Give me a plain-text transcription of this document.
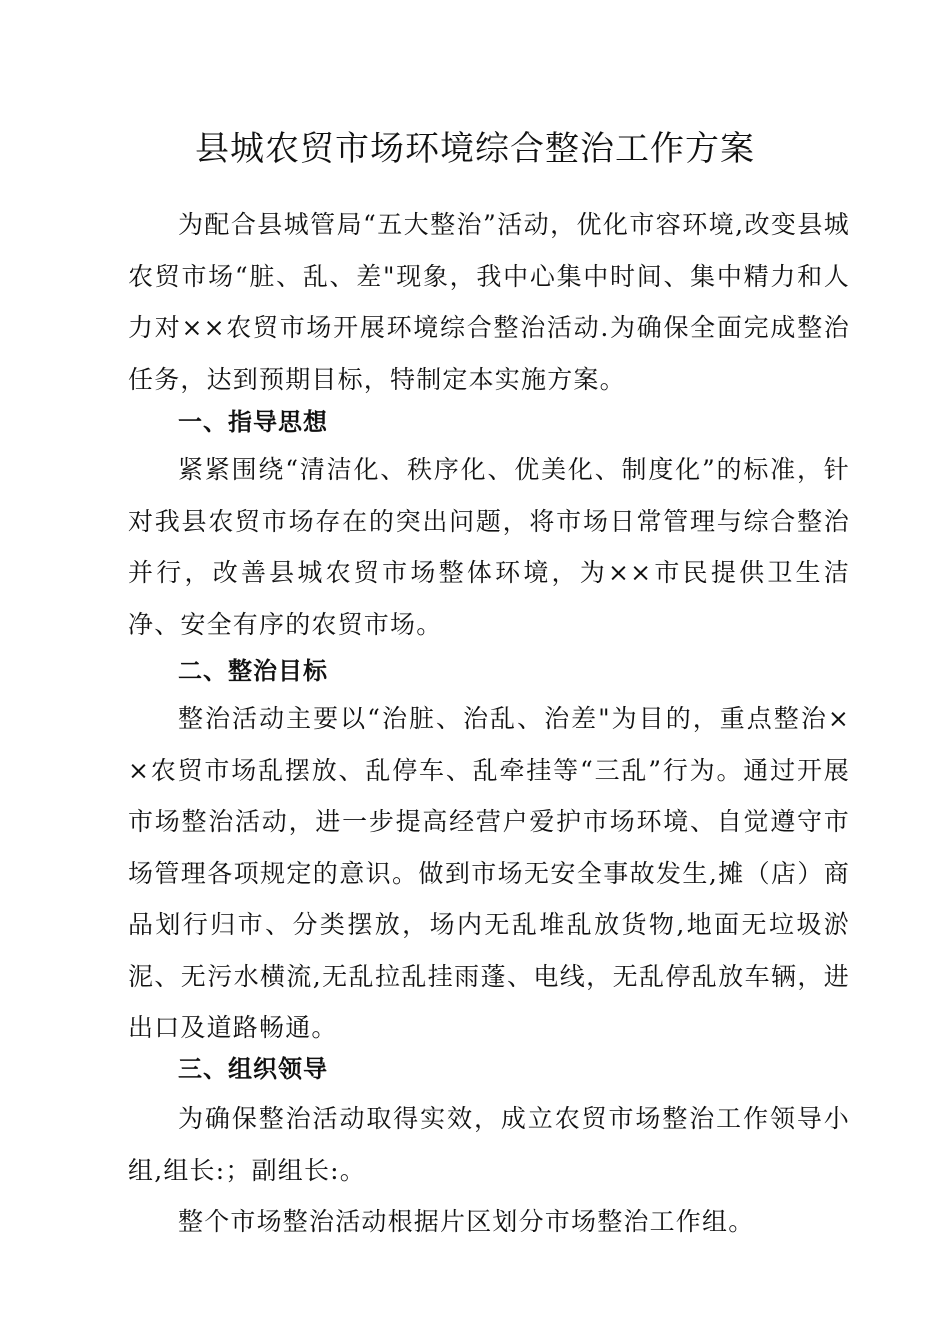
县城农贸市场环境综合整治工作方案

为配合县城管局“五大整治”活动，优化市容环境,改变县城农贸市场“脏、乱、差"现象，我中心集中时间、集中精力和人力对××农贸市场开展环境综合整治活动.为确保全面完成整治任务，达到预期目标，特制定本实施方案。

一、指导思想

紧紧围绕“清洁化、秩序化、优美化、制度化”的标准，针对我县农贸市场存在的突出问题，将市场日常管理与综合整治并行，改善县城农贸市场整体环境，为××市民提供卫生洁净、安全有序的农贸市场。

二、整治目标

整治活动主要以“治脏、治乱、治差"为目的，重点整治××农贸市场乱摆放、乱停车、乱牵挂等“三乱”行为。通过开展市场整治活动，进一步提高经营户爱护市场环境、自觉遵守市场管理各项规定的意识。做到市场无安全事故发生,摊（店）商品划行归市、分类摆放，场内无乱堆乱放货物,地面无垃圾淤泥、无污水横流,无乱拉乱挂雨蓬、电线，无乱停乱放车辆，进出口及道路畅通。

三、组织领导

为确保整治活动取得实效，成立农贸市场整治工作领导小组,组长:；副组长:。

整个市场整治活动根据片区划分市场整治工作组。
